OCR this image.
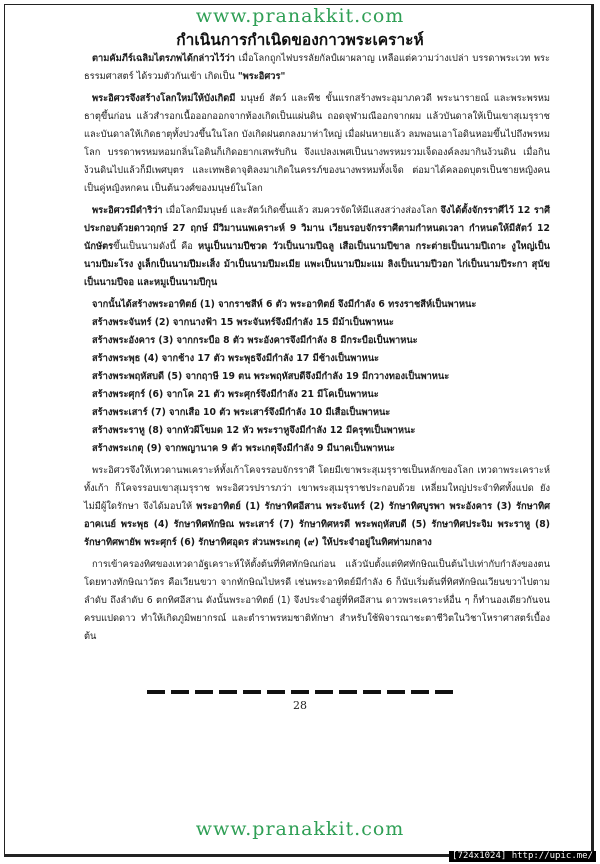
www.pranakkit.com
กำเนินการกำเนิดของกาวพระเคราะห์

ตามคัมภีร์เฉลิมไตรภพได้กล่าวไว้ว่า เมื่อโลกถูกไฟบรรลัยกัลป์เผาผลาญ เหลือแต่ความว่างเปล่า บรรดาพระเวท พระธรรมศาสตร์ ได้รวมตัวกันเข้า เกิดเป็น "พระอิศวร"

พระอิศวรจึงสร้างโลกใหม่ให้บังเกิดมี มนุษย์ สัตว์ และพืช ขั้นแรกสร้างพระอุมาภควดี พระนารายณ์ และพระพรหม ธาตุขึ้นก่อน แล้วสำรอกเนื้อออกออกจากท้องเกิดเป็นแผ่นดิน ถอดจุฬามณีออกจากผม แล้วบันดาลให้เป็นเขาสุเมรุราช และบันดาลให้เกิดธาตุทั้งปวงขึ้นในโลก บังเกิดฝนตกลงมาห่าใหญ่ เมื่อฝนหายแล้ว ลมพอนเอาโอดินหอมขึ้นไปถึงพรหมโลก บรรดาพรหมหอมกลิ่นโอดินก็เกิดอยากเสพรับกิน จึงแปลงเพศเป็นนางพรหมรวมเจ็ดองค์ลงมากินง้วนดิน เมื่อกินง้วนดินไปแล้วก็มีเพศบุตร และเทพธิดาจุติลงมาเกิดในครรภ์ของนางพรหมทั้งเจ็ด ต่อมาได้คลอดบุตรเป็นชายหญิงคนเป็นคู่หญิงหกคน เป็นต้นวงศ์ของมนุษย์ในโลก

พระอิศวรมีดำริว่า เมื่อโลกมีมนุษย์ และสัตว์เกิดขึ้นแล้ว สมควรจัดให้มีแสงสว่างส่องโลก จึงได้ตั้งจักรราศีไว้ 12 ราศี ประกอบด้วยดาวฤกษ์ 27 ฤกษ์ มีวิมานนพเคราะห์ 9 วิมาน เวียนรอบจักรราศีตามกำหนดเวลา กำหนดให้มีสัตว์ 12 นักษัตรขึ้นเป็นนามดังนี้ คือ หนูเป็นนามปีชวด วัวเป็นนามปีฉลู เสือเป็นนามปีขาล กระต่ายเป็นนามปีเถาะ งูใหญ่เป็นนามปีมะโรง งูเล็กเป็นนามปีมะเส็ง ม้าเป็นนามปีมะเมีย แพะเป็นนามปีมะแม ลิงเป็นนามปีวอก ไก่เป็นนามปีระกา สุนัขเป็นนามปีจอ และหมูเป็นนามปีกุน

จากนั้นได้สร้างพระอาทิตย์ (1) จากราชสีห์ 6 ตัว พระอาทิตย์ จึงมีกำลัง 6 ทรงราชสีห์เป็นพาหนะ

สร้างพระจันทร์ (2) จากนางฟ้า 15 พระจันทร์จึงมีกำลัง 15 มีม้าเป็นพาหนะ

สร้างพระอังคาร (3) จากกระบือ 8 ตัว พระอังคารจึงมีกำลัง 8 มีกระบือเป็นพาหนะ

สร้างพระพุธ (4) จากช้าง 17 ตัว พระพุธจึงมีกำลัง 17 มีช้างเป็นพาหนะ

สร้างพระพฤหัสบดี (5) จากฤาษี 19 ตน พระพฤหัสบดีจึงมีกำลัง 19 มีกวางทองเป็นพาหนะ

สร้างพระศุกร์ (6) จากโค 21 ตัว พระศุกร์จึงมีกำลัง 21 มีโคเป็นพาหนะ

สร้างพระเสาร์ (7) จากเสือ 10 ตัว พระเสาร์จึงมีกำลัง 10 มีเสือเป็นพาหนะ

สร้างพระราหู (8) จากหัวผีโขมด 12 หัว พระราหูจึงมีกำลัง 12 มีครุฑเป็นพาหนะ

สร้างพระเกตุ (9) จากพญานาค 9 ตัว พระเกตุจึงมีกำลัง 9 มีนาคเป็นพาหนะ

พระอิศวรจึงให้เทวดานพเคราะห์ทั้งเก้าโคจรรอบจักรราศี โดยมีเขาพระสุเมรุราชเป็นหลักของโลก เทวดาพระเคราะห์ทั้งเก้า ก็โคจรรอบเขาสุเมรุราช พระอิศวรปรารภว่า เขาพระสุเมรุราชประกอบด้วย เหลี่ยมใหญ่ประจำทิศทั้งแปด ยังไม่มีผู้ใดรักษา จึงได้มอบให้ พระอาทิตย์ (1) รักษาทิศอีสาน พระจันทร์ (2) รักษาทิศบูรพา พระอังคาร (3) รักษาทิศอาคเนย์ พระพุธ (4) รักษาทิศทักษิณ พระเสาร์ (7) รักษาทิศหรดี พระพฤหัสบดี (5) รักษาทิศประจิม พระราหู (8) รักษาทิศพายัพ พระศุกร์ (6) รักษาทิศอุดร ส่วนพระเกตุ (๙) ให้ประจำอยู่ในทิศท่ามกลาง

การเข้าครองทิศของเทวดาอัฐเคราะห์ให้ตั้งต้นที่ทิศทักษิณก่อน แล้วนับตั้งแต่ทิศทักษิณเป็นต้นไปเท่ากับกำลังของตน โดยทางทักษิณาวัตร คือเวียนขวา จากทักษิณไปหรดี เช่นพระอาทิตย์มีกำลัง 6 ก็นับเริ่มต้นที่ทิศทักษิณเวียนขวาไปตามลำดับ ถึงลำดับ 6 ตกทิศอีสาน ดังนั้นพระอาทิตย์ (1) จึงประจำอยู่ที่ทิศอีสาน ดาวพระเคราะห์อื่น ๆ ก็ทำนองเดียวกันจนครบแปดดาว ทำให้เกิดภูมิพยากรณ์ และตำราพรหมชาติทักษา สำหรับใช้พิจารณาชะตาชีวิตในวิชาโหราศาสตร์เบื้องต้น

28
www.pranakkit.com
[724x1024] http://upic.me/
